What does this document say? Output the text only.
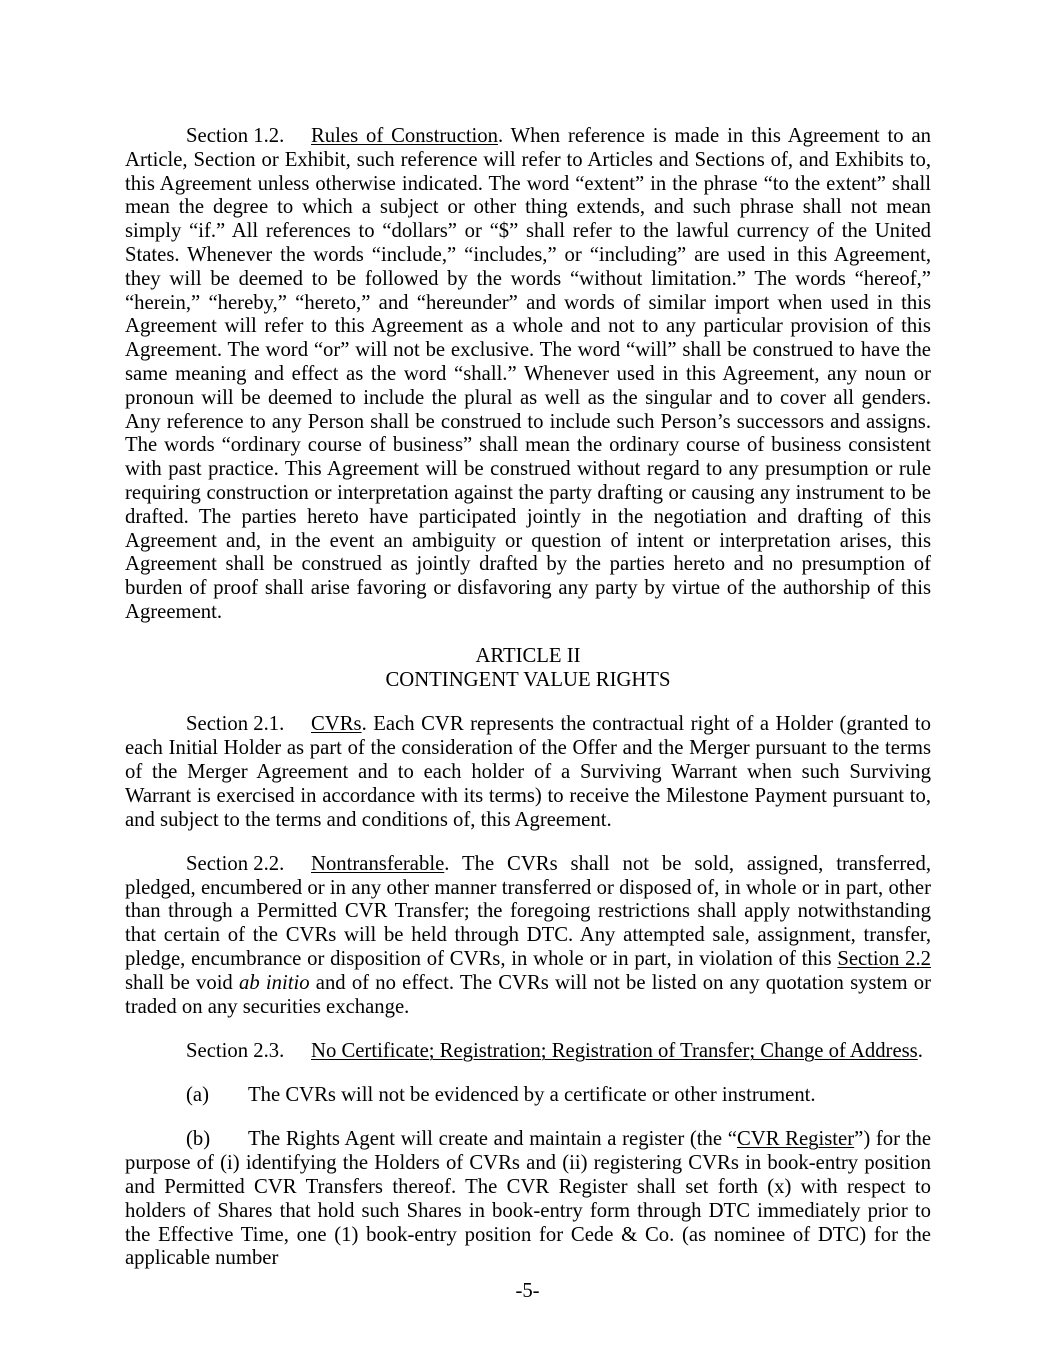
Section 1.2. Rules of Construction. When reference is made in this Agreement to an Article, Section or Exhibit, such reference will refer to Articles and Sections of, and Exhibits to, this Agreement unless otherwise indicated. The word “extent” in the phrase “to the extent” shall mean the degree to which a subject or other thing extends, and such phrase shall not mean simply “if.” All references to “dollars” or “$” shall refer to the lawful currency of the United States. Whenever the words “include,” “includes,” or “including” are used in this Agreement, they will be deemed to be followed by the words “without limitation.” The words “hereof,” “herein,” “hereby,” “hereto,” and “hereunder” and words of similar import when used in this Agreement will refer to this Agreement as a whole and not to any particular provision of this Agreement. The word “or” will not be exclusive. The word “will” shall be construed to have the same meaning and effect as the word “shall.” Whenever used in this Agreement, any noun or pronoun will be deemed to include the plural as well as the singular and to cover all genders. Any reference to any Person shall be construed to include such Person’s successors and assigns. The words “ordinary course of business” shall mean the ordinary course of business consistent with past practice. This Agreement will be construed without regard to any presumption or rule requiring construction or interpretation against the party drafting or causing any instrument to be drafted. The parties hereto have participated jointly in the negotiation and drafting of this Agreement and, in the event an ambiguity or question of intent or interpretation arises, this Agreement shall be construed as jointly drafted by the parties hereto and no presumption of burden of proof shall arise favoring or disfavoring any party by virtue of the authorship of this Agreement.

ARTICLE II

CONTINGENT VALUE RIGHTS

Section 2.1. CVRs. Each CVR represents the contractual right of a Holder (granted to each Initial Holder as part of the consideration of the Offer and the Merger pursuant to the terms of the Merger Agreement and to each holder of a Surviving Warrant when such Surviving Warrant is exercised in accordance with its terms) to receive the Milestone Payment pursuant to, and subject to the terms and conditions of, this Agreement.

Section 2.2. Nontransferable. The CVRs shall not be sold, assigned, transferred, pledged, encumbered or in any other manner transferred or disposed of, in whole or in part, other than through a Permitted CVR Transfer; the foregoing restrictions shall apply notwithstanding that certain of the CVRs will be held through DTC. Any attempted sale, assignment, transfer, pledge, encumbrance or disposition of CVRs, in whole or in part, in violation of this Section 2.2 shall be void ab initio and of no effect. The CVRs will not be listed on any quotation system or traded on any securities exchange.

Section 2.3. No Certificate; Registration; Registration of Transfer; Change of Address.

(a) The CVRs will not be evidenced by a certificate or other instrument.

(b) The Rights Agent will create and maintain a register (the “CVR Register”) for the purpose of (i) identifying the Holders of CVRs and (ii) registering CVRs in book-entry position and Permitted CVR Transfers thereof. The CVR Register shall set forth (x) with respect to holders of Shares that hold such Shares in book-entry form through DTC immediately prior to the Effective Time, one (1) book-entry position for Cede & Co. (as nominee of DTC) for the applicable number

-5-
